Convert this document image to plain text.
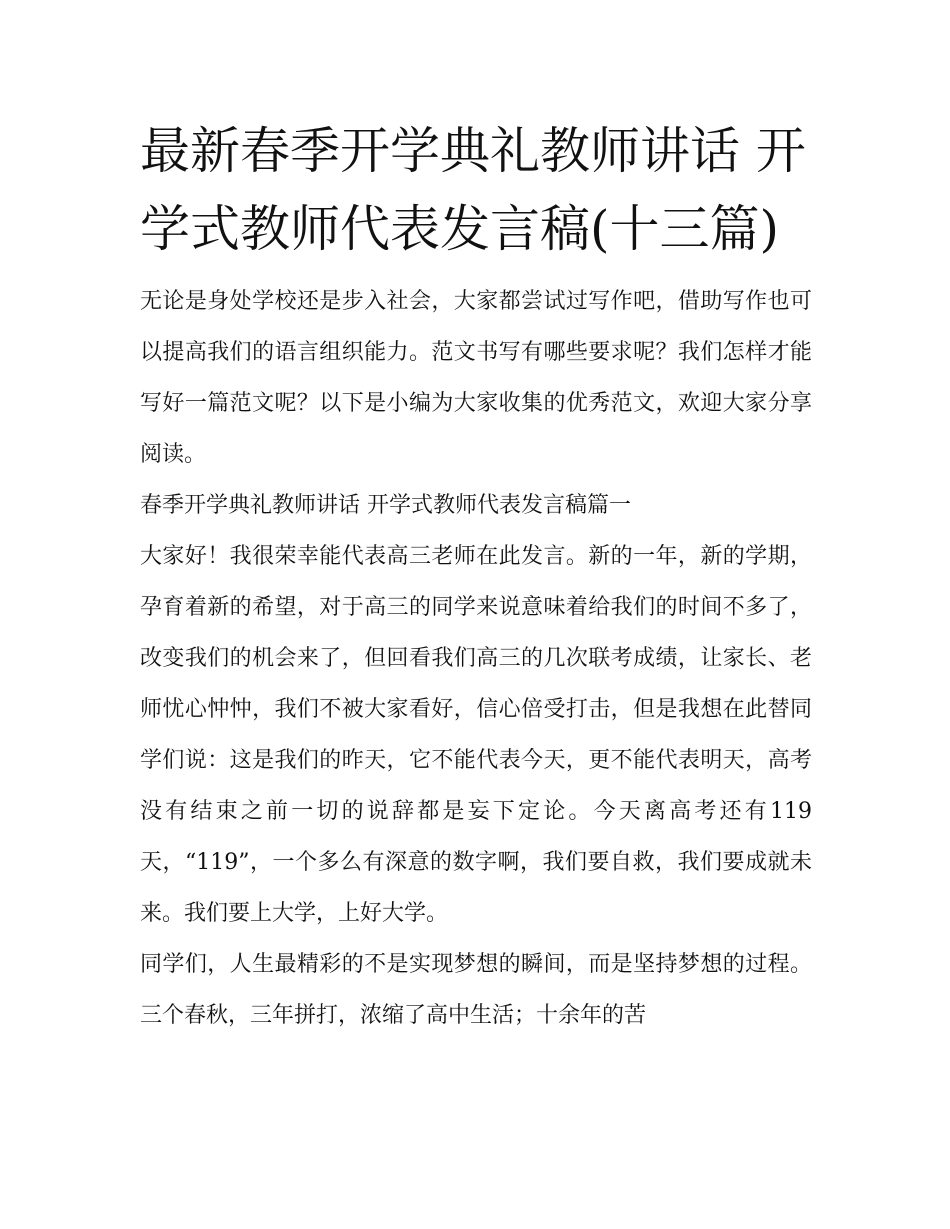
最新春季开学典礼教师讲话 开学式教师代表发言稿(十三篇)

无论是身处学校还是步入社会，大家都尝试过写作吧，借助写作也可以提高我们的语言组织能力。范文书写有哪些要求呢？我们怎样才能写好一篇范文呢？以下是小编为大家收集的优秀范文，欢迎大家分享阅读。

春季开学典礼教师讲话 开学式教师代表发言稿篇一

大家好！我很荣幸能代表高三老师在此发言。新的一年，新的学期，孕育着新的希望，对于高三的同学来说意味着给我们的时间不多了，改变我们的机会来了，但回看我们高三的几次联考成绩，让家长、老师忧心忡忡，我们不被大家看好，信心倍受打击，但是我想在此替同学们说：这是我们的昨天，它不能代表今天，更不能代表明天，高考没有结束之前一切的说辞都是妄下定论。今天离高考还有119天，“119”，一个多么有深意的数字啊，我们要自救，我们要成就未来。我们要上大学，上好大学。

同学们，人生最精彩的不是实现梦想的瞬间，而是坚持梦想的过程。三个春秋，三年拼打，浓缩了高中生活；十余年的苦
